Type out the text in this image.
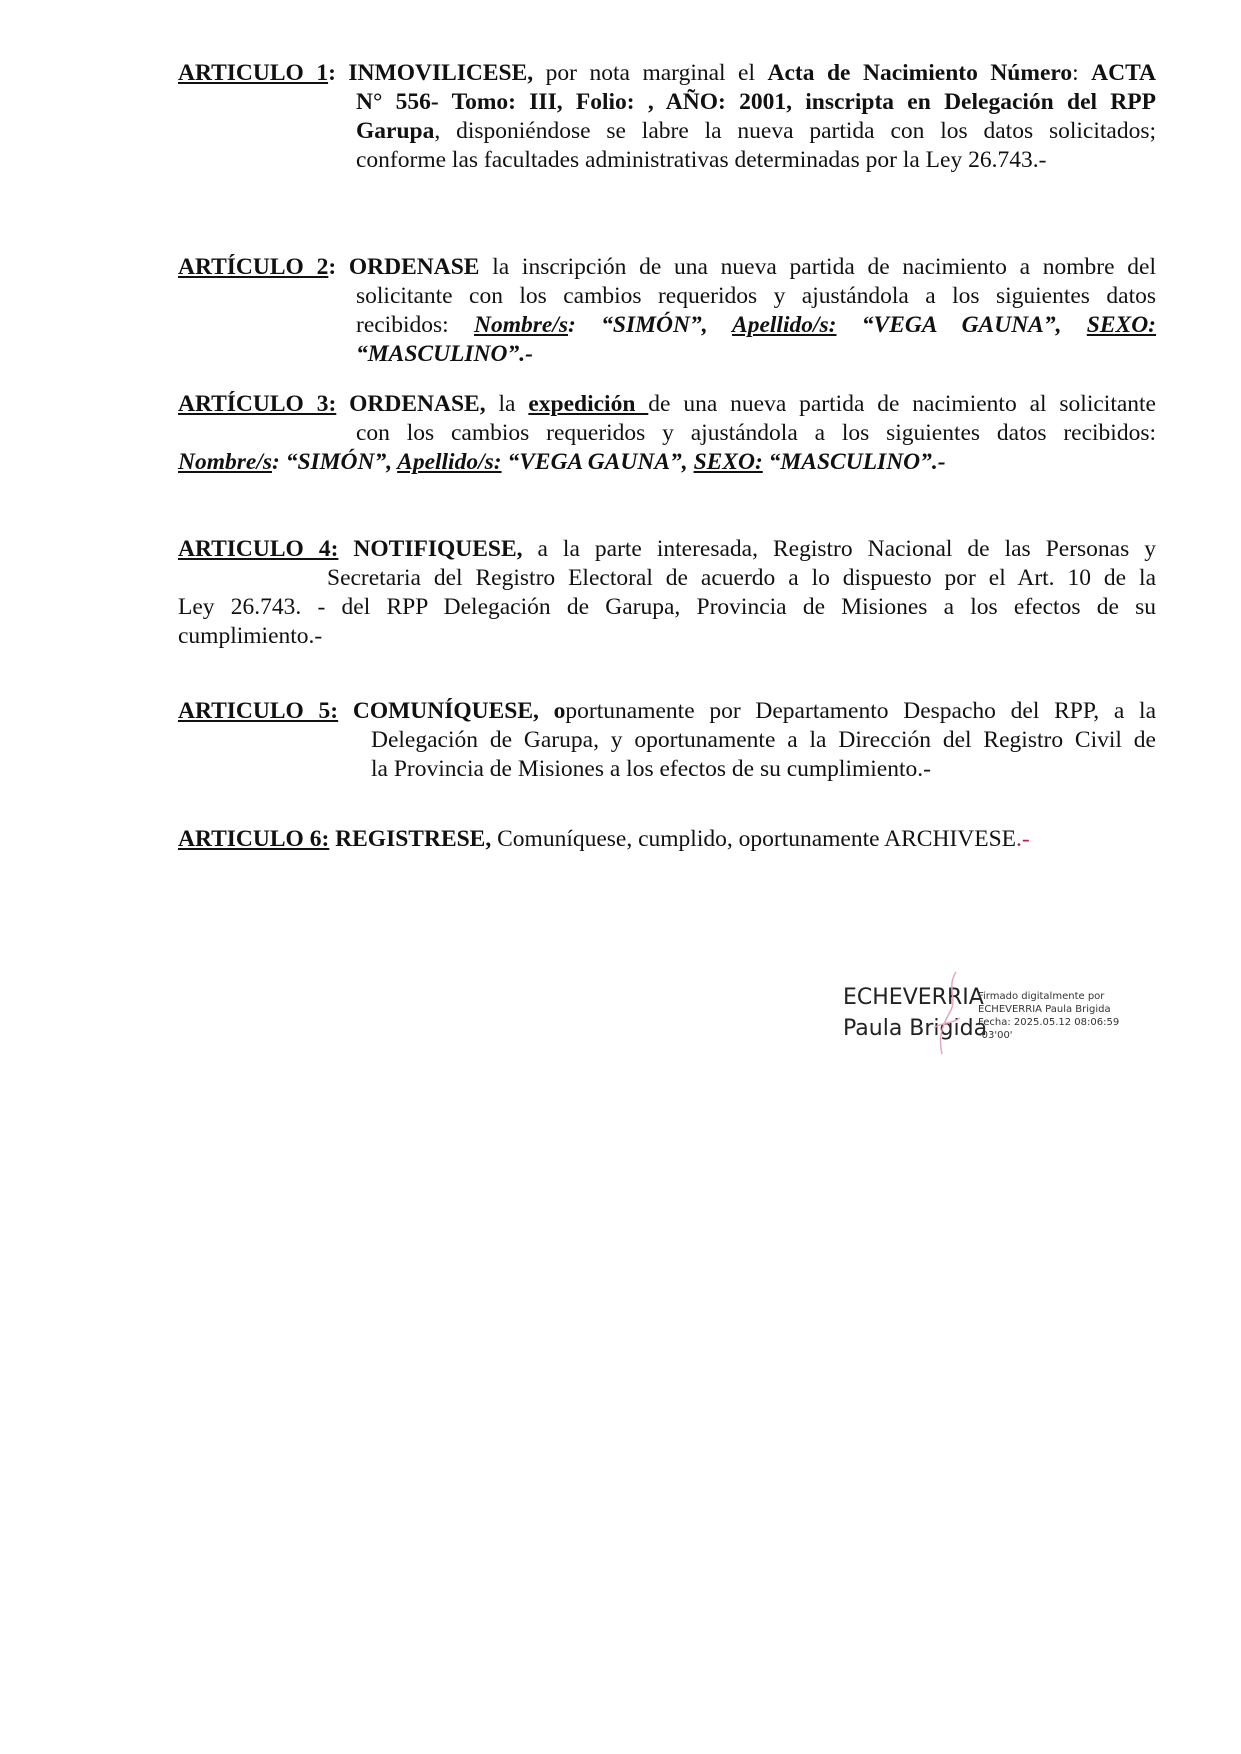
ARTICULO 1: INMOVILICESE, por nota marginal el Acta de Nacimiento Número: ACTA
N° 556- Tomo: III, Folio: , AÑO: 2001, inscripta en Delegación del RPP
Garupa, disponiéndose se labre la nueva partida con los datos solicitados;
conforme las facultades administrativas determinadas por la Ley 26.743.-
ARTÍCULO 2: ORDENASE la inscripción de una nueva partida de nacimiento a nombre del
solicitante con los cambios requeridos y ajustándola a los siguientes datos
recibidos: Nombre/s: “SIMÓN”, Apellido/s: “VEGA GAUNA”, SEXO:
“MASCULINO”.-
ARTÍCULO 3: ORDENASE, la expedición de una nueva partida de nacimiento al solicitante
con los cambios requeridos y ajustándola a los siguientes datos recibidos:
Nombre/s: “SIMÓN”, Apellido/s: “VEGA GAUNA”, SEXO: “MASCULINO”.-
ARTICULO 4: NOTIFIQUESE, a la parte interesada, Registro Nacional de las Personas y
Secretaria del Registro Electoral de acuerdo a lo dispuesto por el Art. 10 de la
Ley 26.743. - del RPP Delegación de Garupa, Provincia de Misiones a los efectos de su
cumplimiento.-
ARTICULO 5: COMUNÍQUESE, oportunamente por Departamento Despacho del RPP, a la
Delegación de Garupa, y oportunamente a la Dirección del Registro Civil de
la Provincia de Misiones a los efectos de su cumplimiento.-
ARTICULO 6: REGISTRESE, Comuníquese, cumplido, oportunamente ARCHIVESE.-
ECHEVERRIA
Paula Brigida
Firmado digitalmente por
ECHEVERRIA Paula Brigida
Fecha: 2025.05.12 08:06:59
-03'00'
